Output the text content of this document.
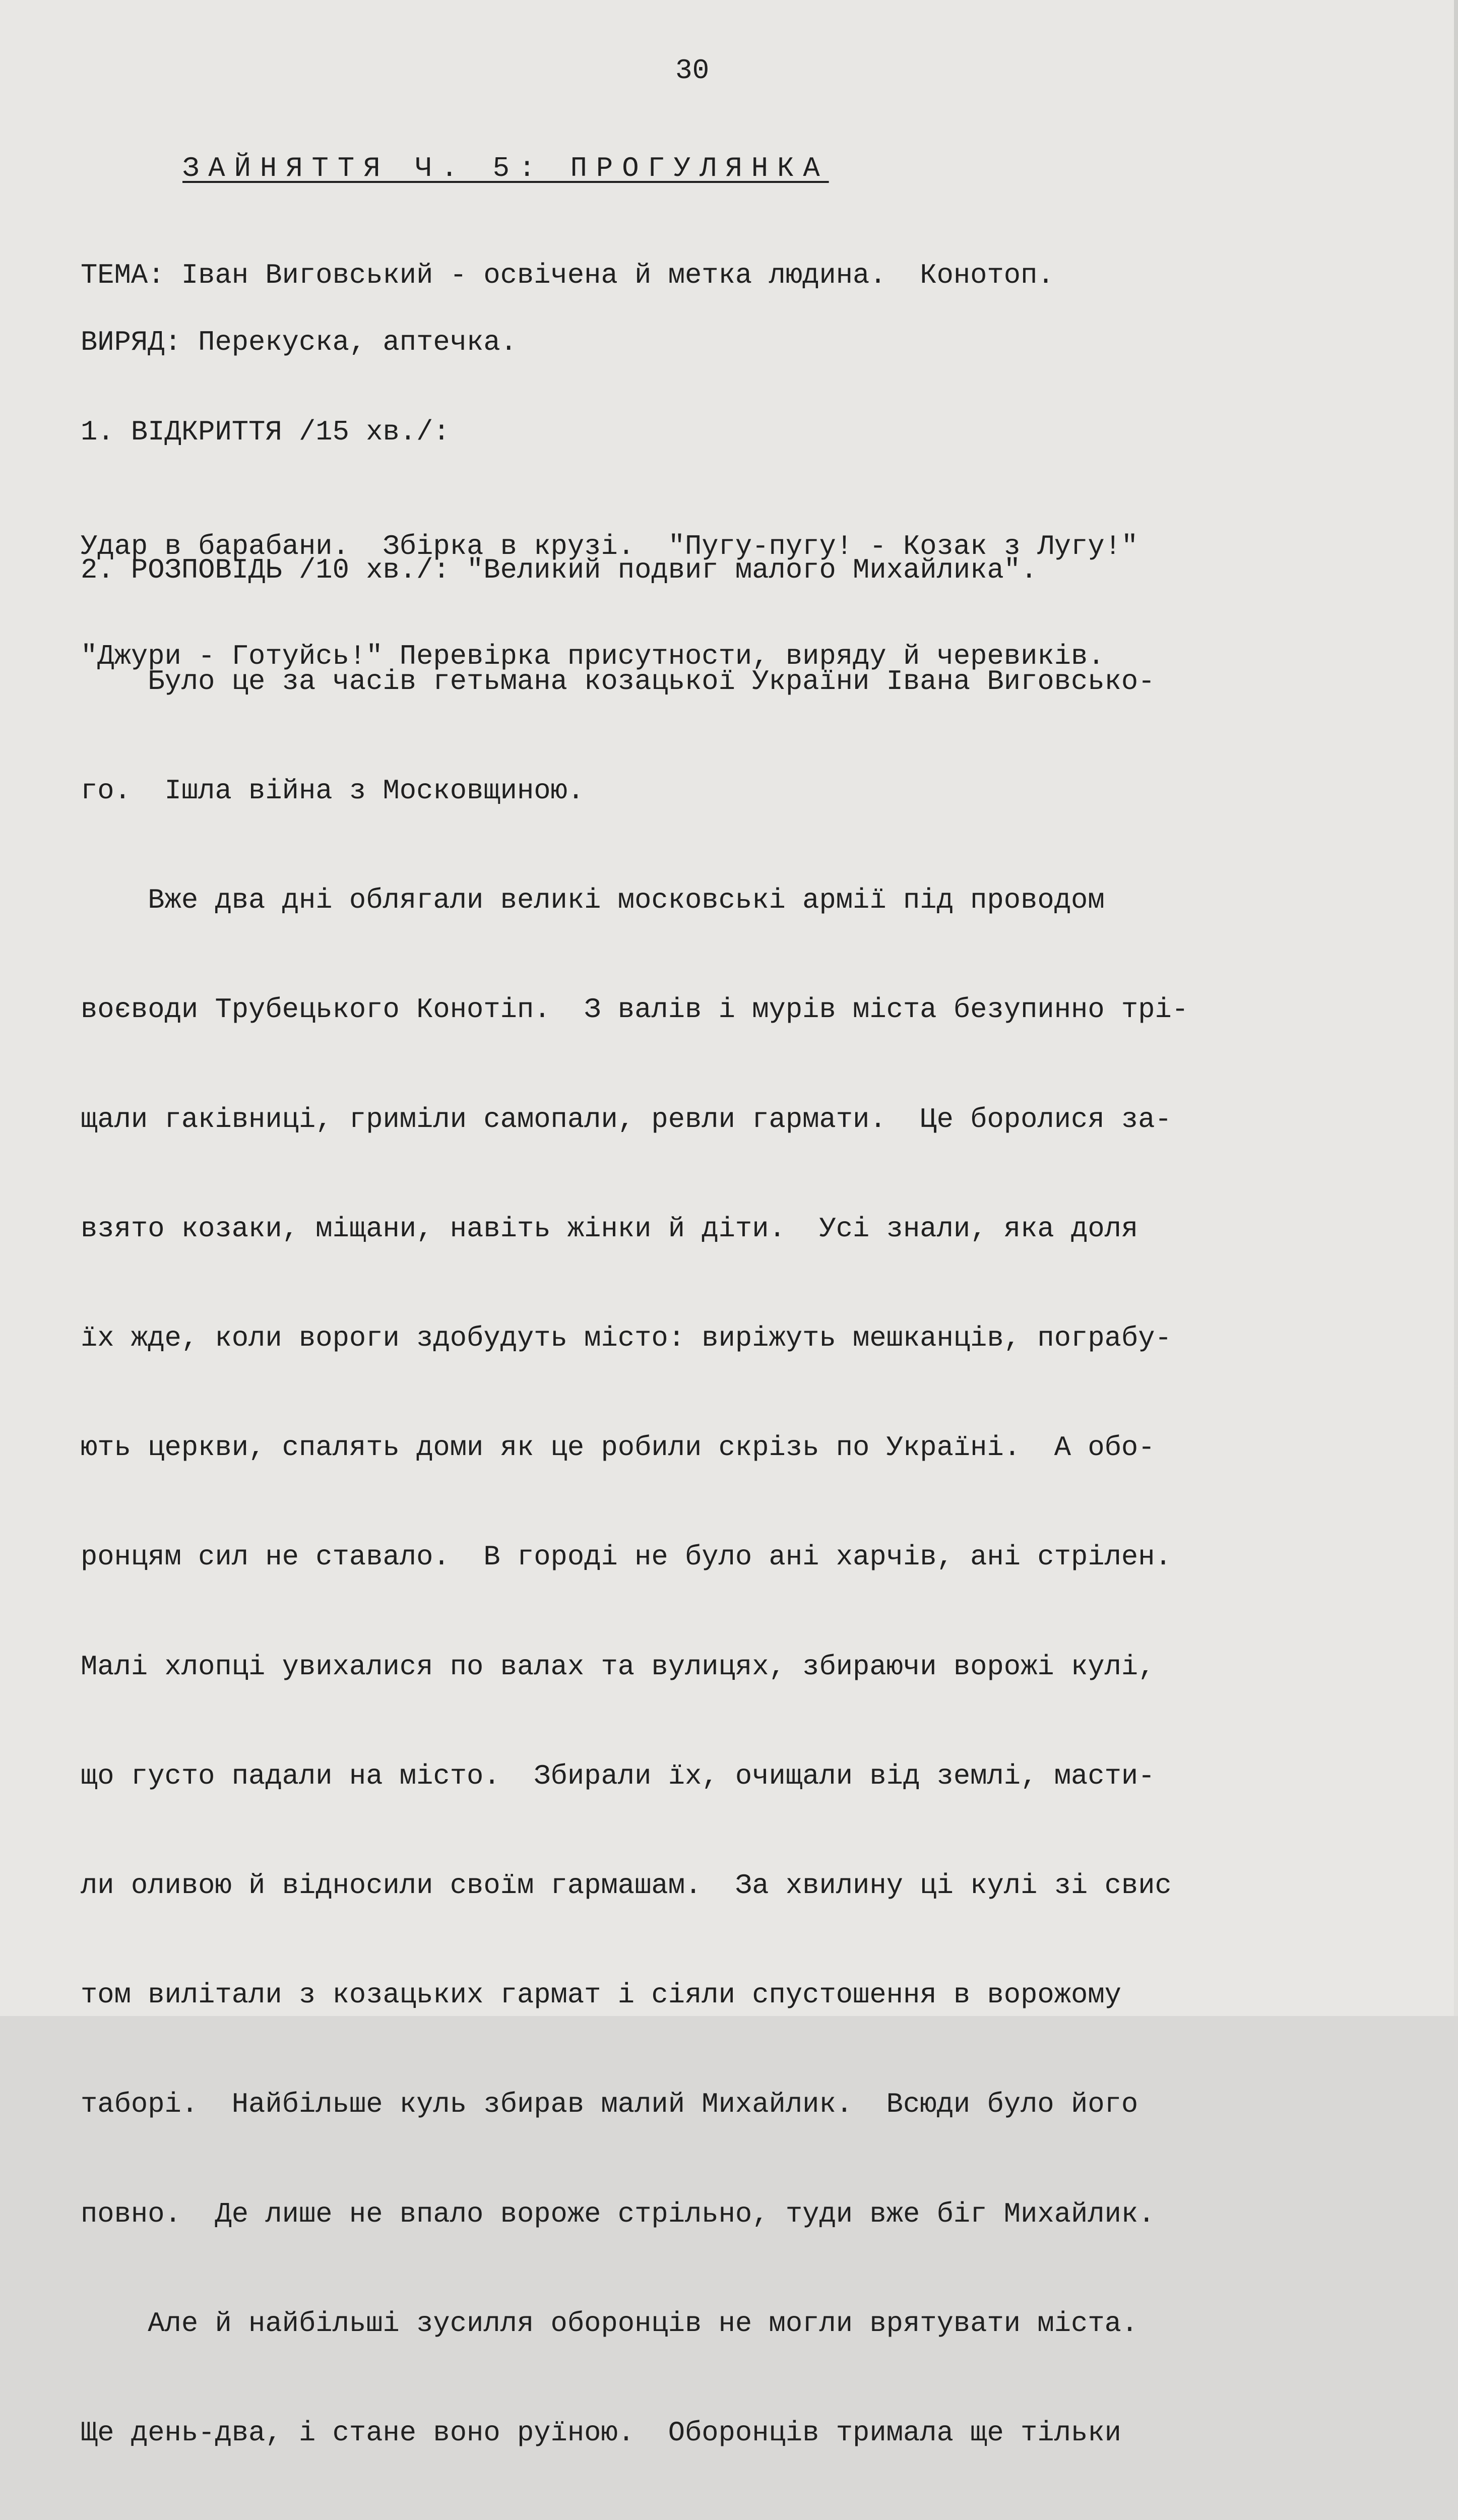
30
ЗАЙНЯТТЯ Ч. 5: ПРОГУЛЯНКА
ТЕМА: Іван Виговський - освічена й метка людина.  Конотоп.
ВИРЯД: Перекуска, аптечка.
1. ВІДКРИТТЯ /15 хв./:

Удар в барабани.  Збірка в крузі.  "Пугу-пугу! - Козак з Лугу!"

"Джури - Готуйсь!" Перевірка присутности, виряду й черевиків.

2. РОЗПОВІДЬ /10 хв./: "Великий подвиг малого Михайлика".

Було це за часів гетьмана козацької України Івана Виговсько-

го.  Ішла війна з Московщиною.

Вже два дні облягали великі московські армії під проводом

воєводи Трубецького Конотіп.  З валів і мурів міста безупинно трі-

щали гаківниці, гриміли самопали, ревли гармати.  Це боролися за-

взято козаки, міщани, навіть жінки й діти.  Усі знали, яка доля

їх жде, коли вороги здобудуть місто: виріжуть мешканців, пограбу-

ють церкви, спалять доми як це робили скрізь по Україні.  А обо-

ронцям сил не ставало.  В городі не було ані харчів, ані стрілен.

Малі хлопці увихалися по валах та вулицях, збираючи ворожі кулі,

що густо падали на місто.  Збирали їх, очищали від землі, масти-

ли оливою й відносили своїм гармашам.  За хвилину ці кулі зі свис

том вилітали з козацьких гармат і сіяли спустошення в ворожому

таборі.  Найбільше куль збирав малий Михайлик.  Всюди було його

повно.  Де лише не впало вороже стрільно, туди вже біг Михайлик.

Але й найбільші зусилля оборонців не могли врятувати міста.

Ще день-два, і стане воно руїною.  Оборонців тримала ще тільки
